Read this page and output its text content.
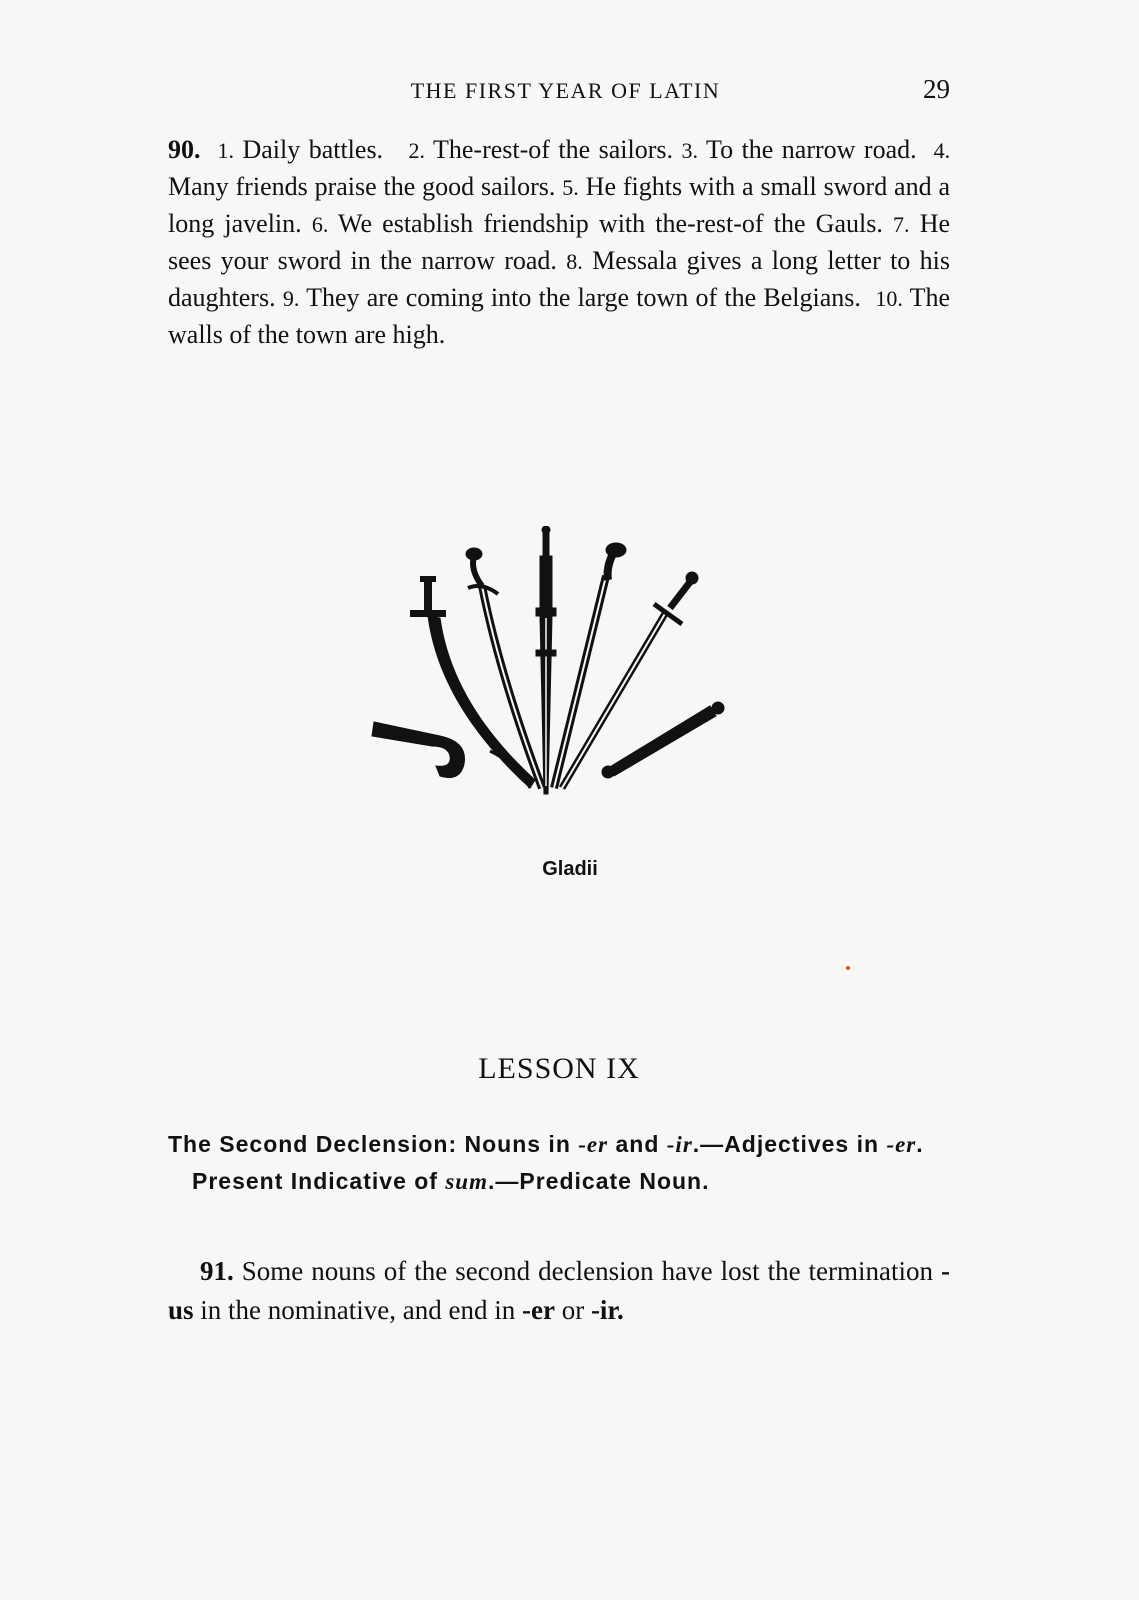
THE FIRST YEAR OF LATIN	29

90. 1. Daily battles. 2. The-rest-of the sailors. 3. To the narrow road. 4. Many friends praise the good sailors. 5. He fights with a small sword and a long javelin. 6. We establish friendship with the-rest-of the Gauls. 7. He sees your sword in the narrow road. 8. Messala gives a long letter to his daughters. 9. They are coming into the large town of the Belgians. 10. The walls of the town are high.

Gladii
LESSON IX

The Second Declension: Nouns in -er and -ir.—Adjectives in -er. Present Indicative of sum.—Predicate Noun.

91. Some nouns of the second declension have lost the termination -us in the nominative, and end in -er or -ir.
